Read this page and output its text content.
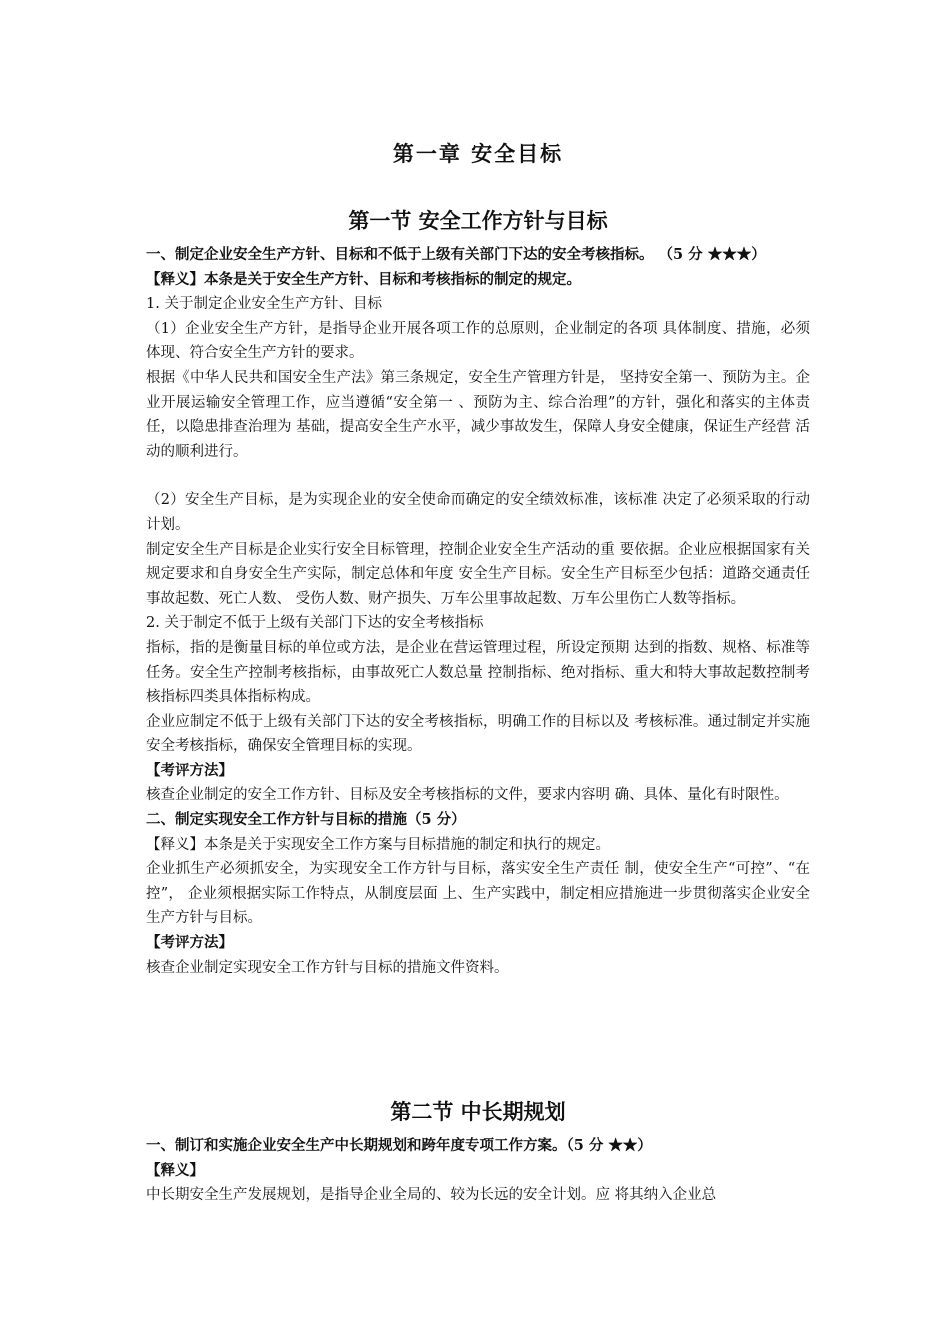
第一章 安全目标
第一节 安全工作方针与目标

一、制定企业安全生产方针、目标和不低于上级有关部门下达的安全考核指标。 （5 分 ★★★）

【释义】本条是关于安全生产方针、目标和考核指标的制定的规定。

1. 关于制定企业安全生产方针、目标

（1）企业安全生产方针，是指导企业开展各项工作的总原则，企业制定的各项 具体制度、措施，必须体现、符合安全生产方针的要求。

根据《中华人民共和国安全生产法》第三条规定，安全生产管理方针是， 坚持安全第一、预防为主。企业开展运输安全管理工作，应当遵循“安全第一 、预防为主、综合治理”的方针，强化和落实的主体责任，以隐患排查治理为 基础，提高安全生产水平，减少事故发生，保障人身安全健康，保证生产经营 活动的顺利进行。

（2）安全生产目标，是为实现企业的安全使命而确定的安全绩效标准，该标准 决定了必须采取的行动计划。

制定安全生产目标是企业实行安全目标管理，控制企业安全生产活动的重 要依据。企业应根据国家有关规定要求和自身安全生产实际，制定总体和年度 安全生产目标。安全生产目标至少包括：道路交通责任事故起数、死亡人数、 受伤人数、财产损失、万车公里事故起数、万车公里伤亡人数等指标。

2. 关于制定不低于上级有关部门下达的安全考核指标

指标，指的是衡量目标的单位或方法，是企业在营运管理过程，所设定预期 达到的指数、规格、标准等任务。安全生产控制考核指标，由事故死亡人数总量 控制指标、绝对指标、重大和特大事故起数控制考核指标四类具体指标构成。

企业应制定不低于上级有关部门下达的安全考核指标，明确工作的目标以及 考核标准。通过制定并实施安全考核指标，确保安全管理目标的实现。

【考评方法】

核查企业制定的安全工作方针、目标及安全考核指标的文件，要求内容明 确、具体、量化有时限性。

二、制定实现安全工作方针与目标的措施（5 分）

【释义】本条是关于实现安全工作方案与目标措施的制定和执行的规定。

企业抓生产必须抓安全，为实现安全工作方针与目标，落实安全生产责任 制，使安全生产“可控”、“在控”， 企业须根据实际工作特点，从制度层面 上、生产实践中，制定相应措施进一步贯彻落实企业安全生产方针与目标。

【考评方法】

核查企业制定实现安全工作方针与目标的措施文件资料。

第二节 中长期规划

一、制订和实施企业安全生产中长期规划和跨年度专项工作方案。（5 分 ★★）

【释义】

中长期安全生产发展规划，是指导企业全局的、较为长远的安全计划。应 将其纳入企业总
